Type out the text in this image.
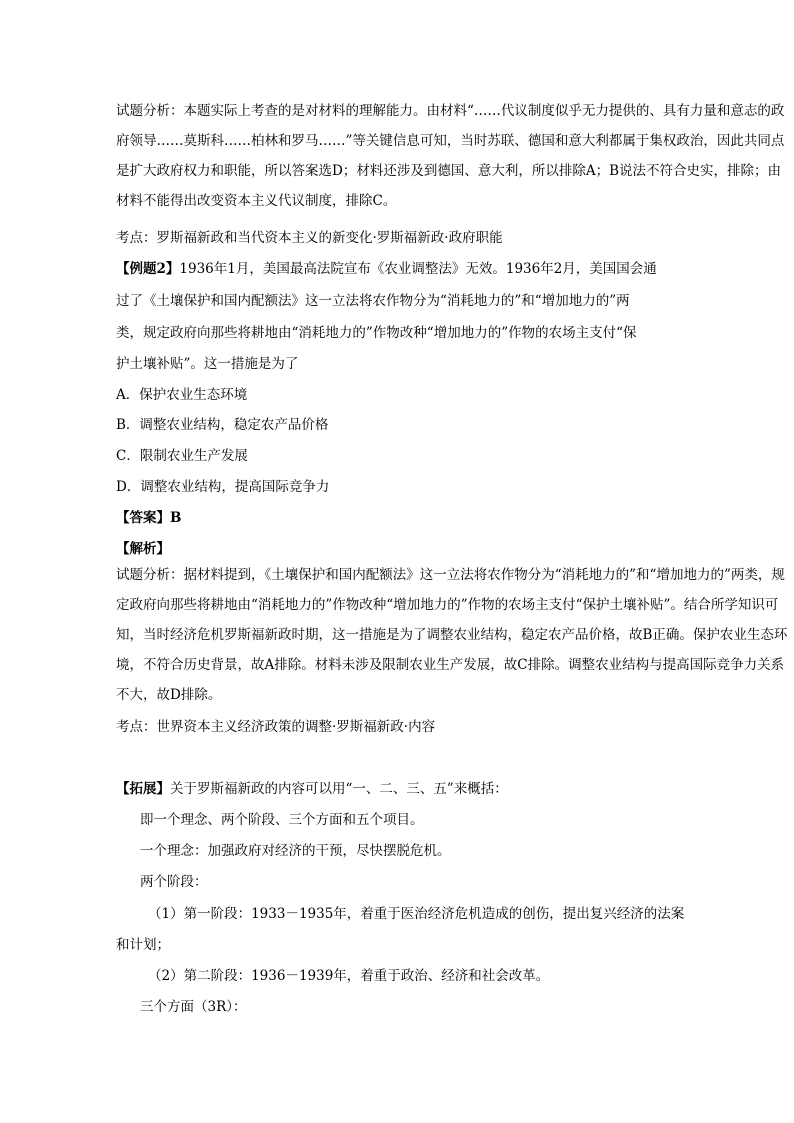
试题分析：本题实际上考查的是对材料的理解能力。由材料“……代议制度似乎无力提供的、具有力量和意志的政府领导……莫斯科……柏林和罗马……”等关键信息可知，当时苏联、德国和意大利都属于集权政治，因此共同点是扩大政府权力和职能，所以答案选D；材料还涉及到德国、意大利，所以排除A；B说法不符合史实，排除；由材料不能得出改变资本主义代议制度，排除C。

考点：罗斯福新政和当代资本主义的新变化·罗斯福新政·政府职能

【例题2】1936年1月，美国最高法院宣布《农业调整法》无效。1936年2月，美国国会通

过了《土壤保护和国内配额法》这一立法将农作物分为“消耗地力的”和“增加地力的”两

类，规定政府向那些将耕地由“消耗地力的”作物改种“增加地力的”作物的农场主支付“保

护土壤补贴”。这一措施是为了

A．保护农业生态环境

B．调整农业结构，稳定农产品价格

C．限制农业生产发展

D．调整农业结构，提高国际竞争力

【答案】B

【解析】

试题分析：据材料提到，《土壤保护和国内配额法》这一立法将农作物分为“消耗地力的”和“增加地力的”两类，规定政府向那些将耕地由“消耗地力的”作物改种“增加地力的”作物的农场主支付“保护土壤补贴”。结合所学知识可知，当时经济危机罗斯福新政时期，这一措施是为了调整农业结构，稳定农产品价格，故B正确。保护农业生态环境，不符合历史背景，故A排除。材料未涉及限制农业生产发展，故C排除。调整农业结构与提高国际竞争力关系不大，故D排除。

考点：世界资本主义经济政策的调整·罗斯福新政·内容

【拓展】关于罗斯福新政的内容可以用“一、二、三、五”来概括：

即一个理念、两个阶段、三个方面和五个项目。

一个理念：加强政府对经济的干预，尽快摆脱危机。

两个阶段：

（1）第一阶段：1933－1935年，着重于医治经济危机造成的创伤，提出复兴经济的法案

和计划；

（2）第二阶段：1936－1939年，着重于政治、经济和社会改革。

三个方面（3R）：
